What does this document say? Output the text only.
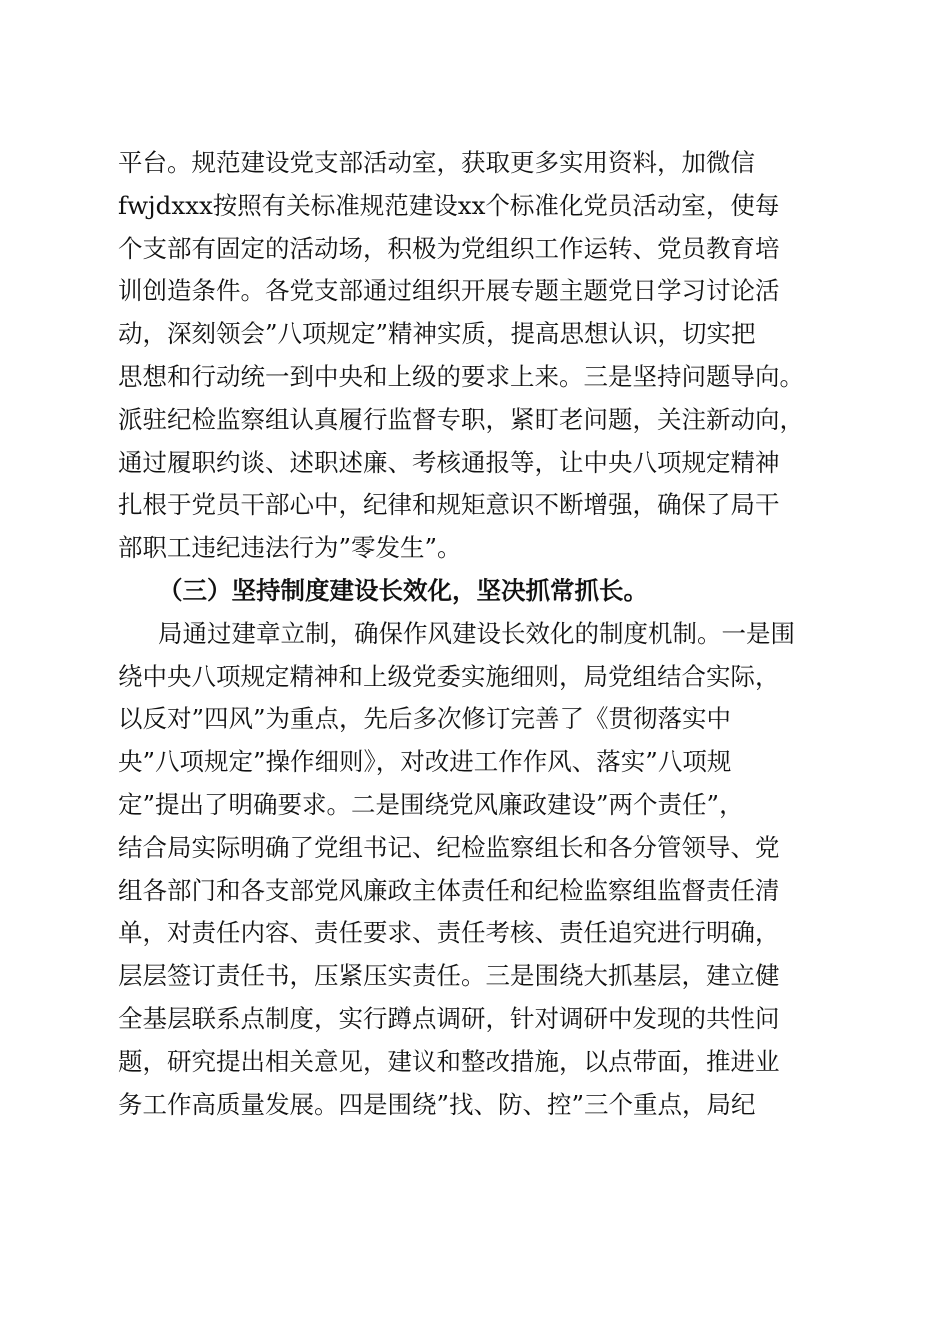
平台。规范建设党支部活动室，获取更多实用资料，加微信
fwjdxxx按照有关标准规范建设xx个标准化党员活动室，使每
个支部有固定的活动场，积极为党组织工作运转、党员教育培
训创造条件。各党支部通过组织开展专题主题党日学习讨论活
动，深刻领会”八项规定”精神实质，提高思想认识，切实把
思想和行动统一到中央和上级的要求上来。三是坚持问题导向。
派驻纪检监察组认真履行监督专职，紧盯老问题，关注新动向，
通过履职约谈、述职述廉、考核通报等，让中央八项规定精神
扎根于党员干部心中，纪律和规矩意识不断增强，确保了局干
部职工违纪违法行为”零发生”。
（三）坚持制度建设长效化，坚决抓常抓长。
局通过建章立制，确保作风建设长效化的制度机制。一是围
绕中央八项规定精神和上级党委实施细则，局党组结合实际，
以反对”四风”为重点，先后多次修订完善了《贯彻落实中
央”八项规定”操作细则》，对改进工作作风、落实”八项规
定”提出了明确要求。二是围绕党风廉政建设”两个责任”，
结合局实际明确了党组书记、纪检监察组长和各分管领导、党
组各部门和各支部党风廉政主体责任和纪检监察组监督责任清
单，对责任内容、责任要求、责任考核、责任追究进行明确，
层层签订责任书，压紧压实责任。三是围绕大抓基层，建立健
全基层联系点制度，实行蹲点调研，针对调研中发现的共性问
题，研究提出相关意见，建议和整改措施，以点带面，推进业
务工作高质量发展。四是围绕”找、防、控”三个重点，局纪
